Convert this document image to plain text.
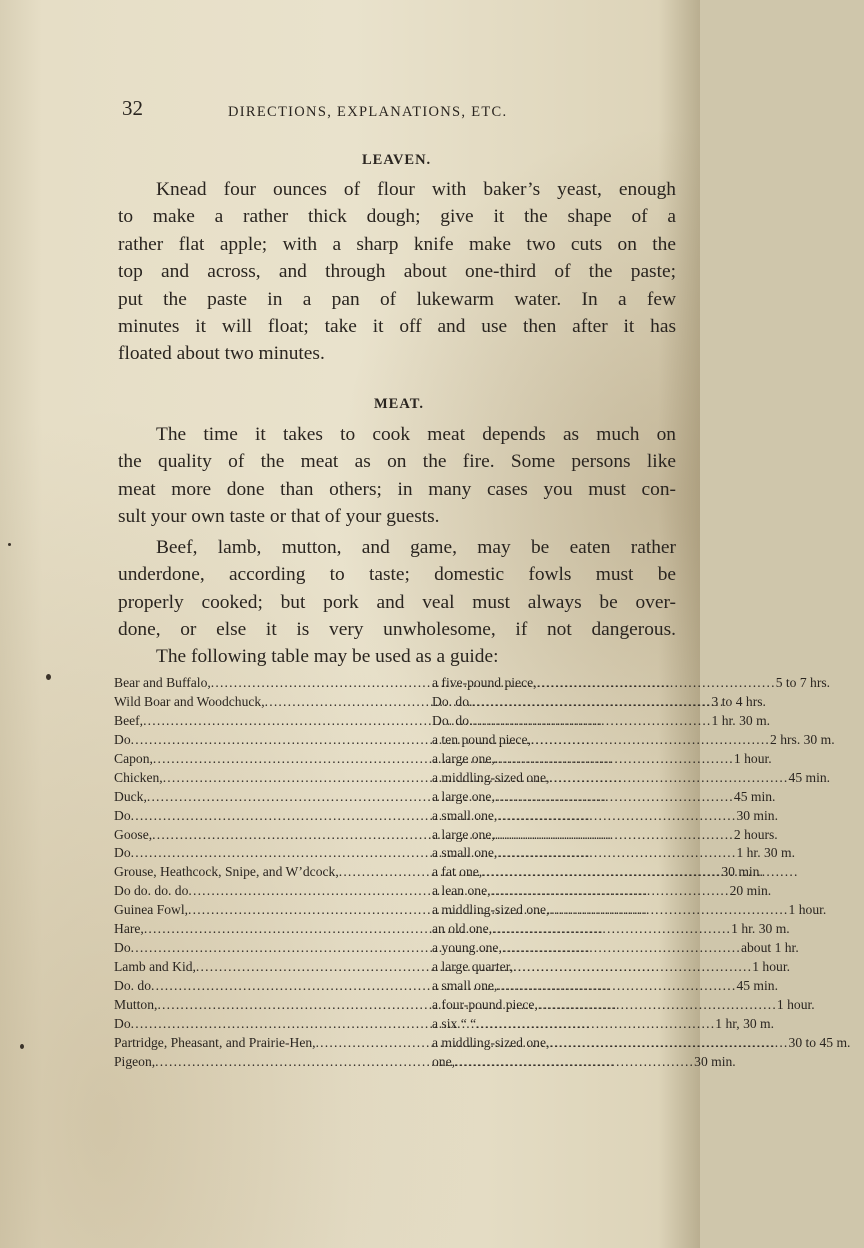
32	DIRECTIONS, EXPLANATIONS, ETC.
LEAVEN.

Knead four ounces of flour with baker’s yeast, enough
to make a rather thick dough; give it the shape of a
rather flat apple; with a sharp knife make two cuts on the
top and across, and through about one-third of the paste;
put the paste in a pan of lukewarm water. In a few
minutes it will float; take it off and use then after it has
floated about two minutes.

MEAT.

The time it takes to cook meat depends as much on
the quality of the meat as on the fire. Some persons like
meat more done than others; in many cases you must con-
sult your own taste or that of your guests.

Beef, lamb, mutton, and game, may be eaten rather
underdone, according to taste; domestic fowls must be
properly cooked; but pork and veal must always be over-
done, or else it is very unwholesome, if not dangerous.

The following table may be used as a guide:

Bear and Buffalo, .....	a five-pound piece, .....	5 to 7 hrs.
Wild Boar and Woodchuck, .....	Do. do. .....	3 to 4 hrs.
Beef, .....	Do. do. .....	1 hr. 30 m.
Do .....	a ten pound piece, .....	2 hrs. 30 m.
Capon, .....	a large one, .....	1 hour.
Chicken, .....	a middling-sized one, .....	45 min.
Duck, .....	a large one, .....	45 min.
Do .....	a small one, .....	30 min.
Goose, .....	a large one, .....	2 hours.
Do .....	a small one, .....	1 hr. 30 m.
Grouse, Heathcock, Snipe, and W’dcock, .....	a fat one, .....	30 min.
Do do. do. do .....	a lean one, .....	20 min.
Guinea Fowl, .....	a middling-sized one, .....	1 hour.
Hare, .....	an old one, .....	1 hr. 30 m.
Do .....	a young one, .....	about 1 hr.
Lamb and Kid, .....	a large quarter, .....	1 hour.
Do. do .....	a small one, .....	45 min.
Mutton, .....	a four-pound piece, .....	1 hour.
Do .....	a six “ “ .....	1 hr, 30 m.
Partridge, Pheasant, and Prairie-Hen, .....	a middling-sized one, .....	30 to 45 m.
Pigeon, .....	one, .....	30 min.
